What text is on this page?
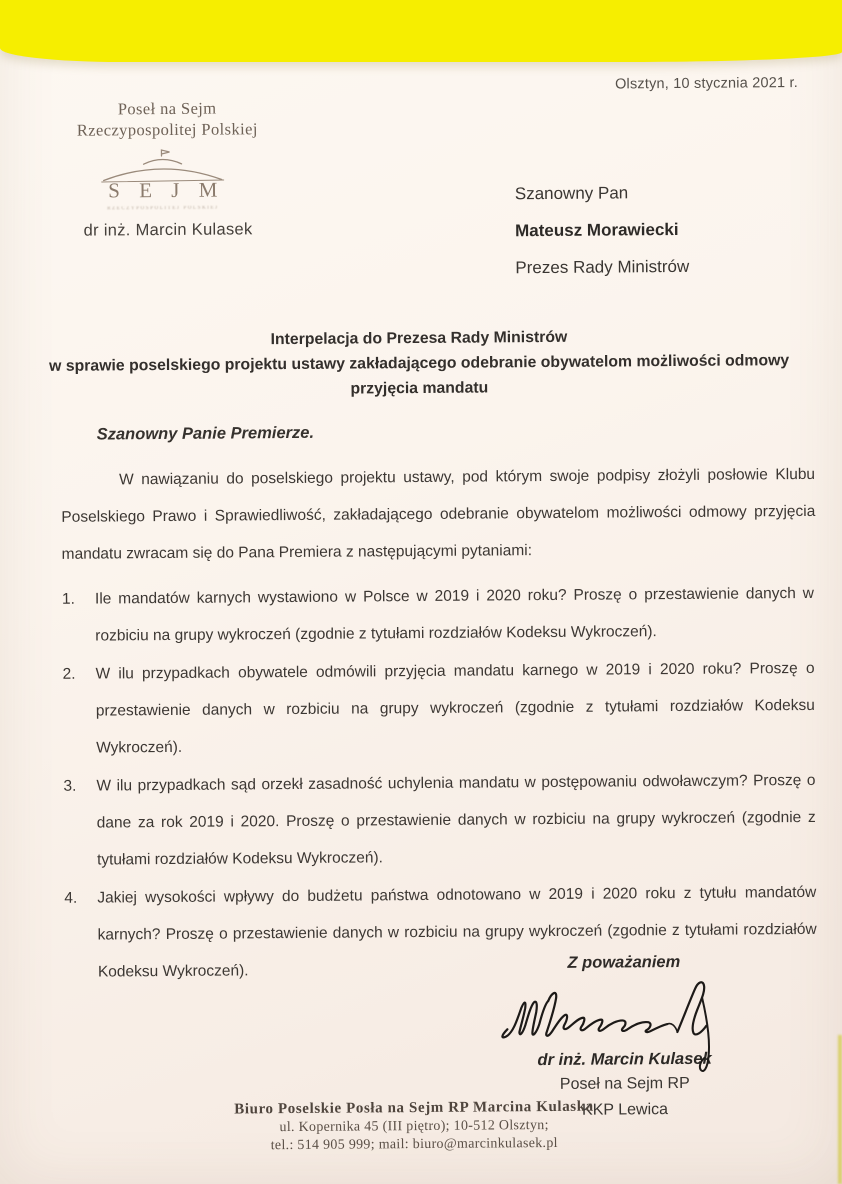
Olsztyn, 10 stycznia 2021 r.
Poseł na Sejm
Rzeczypospolitej Polskiej
S E J M
RZECZYPOSPOLITEJ POLSKIEJ
dr inż. Marcin Kulasek
Szanowny Pan
Mateusz Morawiecki
Prezes Rady Ministrów
Interpelacja do Prezesa Rady Ministrów
w sprawie poselskiego projektu ustawy zakładającego odebranie obywatelom możliwości odmowy
przyjęcia mandatu
Szanowny Panie Premierze.
W nawiązaniu do poselskiego projektu ustawy, pod którym swoje podpisy złożyli posłowie Klubu Poselskiego Prawo i Sprawiedliwość, zakładającego odebranie obywatelom możliwości odmowy przyjęcia mandatu zwracam się do Pana Premiera z następującymi pytaniami:
1. Ile mandatów karnych wystawiono w Polsce w 2019 i 2020 roku? Proszę o przestawienie danych w rozbiciu na grupy wykroczeń (zgodnie z tytułami rozdziałów Kodeksu Wykroczeń).
2. W ilu przypadkach obywatele odmówili przyjęcia mandatu karnego w 2019 i 2020 roku? Proszę o przestawienie danych w rozbiciu na grupy wykroczeń (zgodnie z tytułami rozdziałów Kodeksu Wykroczeń).
3. W ilu przypadkach sąd orzekł zasadność uchylenia mandatu w postępowaniu odwoławczym? Proszę o dane za rok 2019 i 2020. Proszę o przestawienie danych w rozbiciu na grupy wykroczeń (zgodnie z tytułami rozdziałów Kodeksu Wykroczeń).
4. Jakiej wysokości wpływy do budżetu państwa odnotowano w 2019 i 2020 roku z tytułu mandatów karnych? Proszę o przestawienie danych w rozbiciu na grupy wykroczeń (zgodnie z tytułami rozdziałów Kodeksu Wykroczeń).	Z poważaniem
dr inż. Marcin Kulasek
Poseł na Sejm RP
KKP Lewica
Biuro Poselskie Posła na Sejm RP Marcina Kulaska
ul. Kopernika 45 (III piętro); 10-512 Olsztyn;
tel.: 514 905 999; mail: biuro@marcinkulasek.pl
